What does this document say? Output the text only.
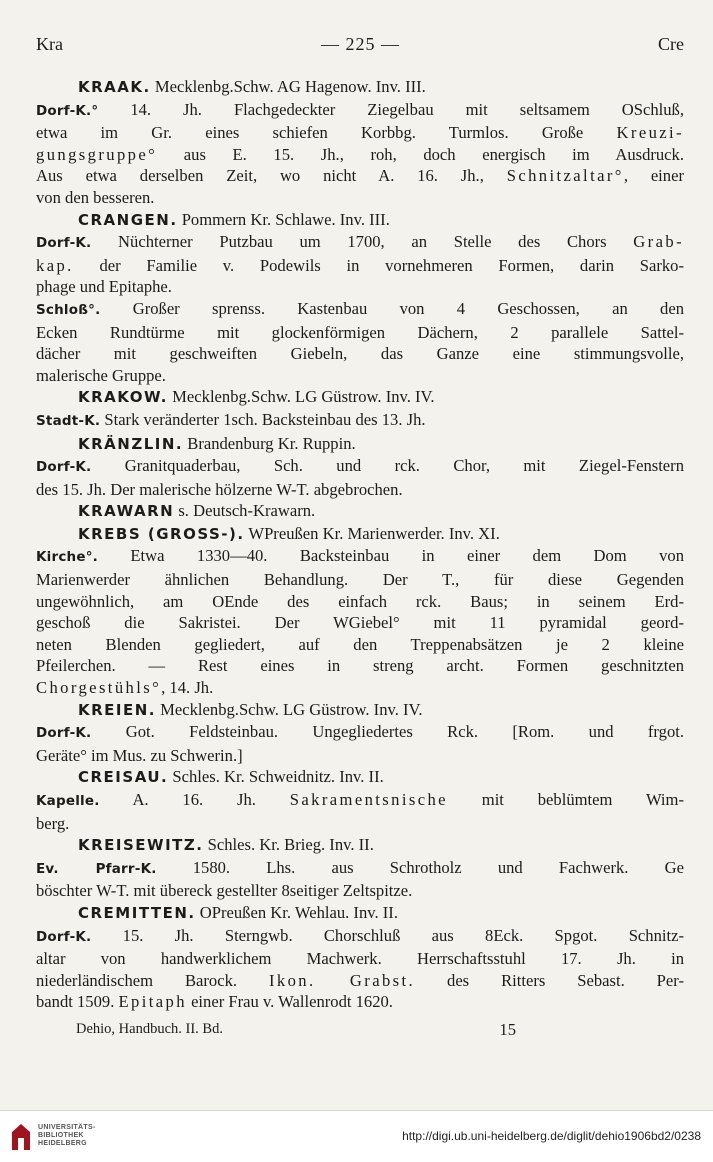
Kra	— 225 —	Cre
KRAAK. Mecklenbg.Schw. AG Hagenow. Inv. III.
Dorf-K.° 14. Jh. Flachgedeckter Ziegelbau mit seltsamem OSchluß,
etwa im Gr. eines schiefen Korbbg. Turmlos. Große Kreuzi-
gungsgruppe° aus E. 15. Jh., roh, doch energisch im Ausdruck.
Aus etwa derselben Zeit, wo nicht A. 16. Jh., Schnitzaltar°, einer
von den besseren.
CRANGEN. Pommern Kr. Schlawe. Inv. III.
Dorf-K. Nüchterner Putzbau um 1700, an Stelle des Chors Grab-
kap. der Familie v. Podewils in vornehmeren Formen, darin Sarko-
phage und Epitaphe.
Schloß°. Großer sprenss. Kastenbau von 4 Geschossen, an den
Ecken Rundtürme mit glockenförmigen Dächern, 2 parallele Sattel-
dächer mit geschweiften Giebeln, das Ganze eine stimmungsvolle,
malerische Gruppe.
KRAKOW. Mecklenbg.Schw. LG Güstrow. Inv. IV.
Stadt-K. Stark veränderter 1sch. Backsteinbau des 13. Jh.
KRÄNZLIN. Brandenburg Kr. Ruppin.
Dorf-K. Granitquaderbau, Sch. und rck. Chor, mit Ziegel-Fenstern
des 15. Jh. Der malerische hölzerne W-T. abgebrochen.
KRAWARN s. Deutsch-Krawarn.
KREBS (GROSS-). WPreußen Kr. Marienwerder. Inv. XI.
Kirche°. Etwa 1330—40. Backsteinbau in einer dem Dom von
Marienwerder ähnlichen Behandlung. Der T., für diese Gegenden
ungewöhnlich, am OEnde des einfach rck. Baus; in seinem Erd-
geschoß die Sakristei. Der WGiebel° mit 11 pyramidal geord-
neten Blenden gegliedert, auf den Treppenabsätzen je 2 kleine
Pfeilerchen. — Rest eines in streng archt. Formen geschnitzten
Chorgestühls°, 14. Jh.
KREIEN. Mecklenbg.Schw. LG Güstrow. Inv. IV.
Dorf-K. Got. Feldsteinbau. Ungegliedertes Rck. [Rom. und frgot.
Geräte° im Mus. zu Schwerin.]
CREISAU. Schles. Kr. Schweidnitz. Inv. II.
Kapelle. A. 16. Jh. Sakramentsnische mit beblümtem Wim-
berg.
KREISEWITZ. Schles. Kr. Brieg. Inv. II.
Ev. Pfarr-K. 1580. Lhs. aus Schrotholz und Fachwerk. Ge
böschter W-T. mit übereck gestellter 8seitiger Zeltspitze.
CREMITTEN. OPreußen Kr. Wehlau. Inv. II.
Dorf-K. 15. Jh. Sterngwb. Chorschluß aus 8Eck. Spgot. Schnitz-
altar von handwerklichem Machwerk. Herrschaftsstuhl 17. Jh. in
niederländischem Barock. Ikon. Grabst. des Ritters Sebast. Per-
bandt 1509. Epitaph einer Frau v. Wallenrodt 1620.
Dehio, Handbuch. II. Bd.	15
UNIVERSITÄTS-
BIBLIOTHEK
HEIDELBERG
http://digi.ub.uni-heidelberg.de/diglit/dehio1906bd2/0238
